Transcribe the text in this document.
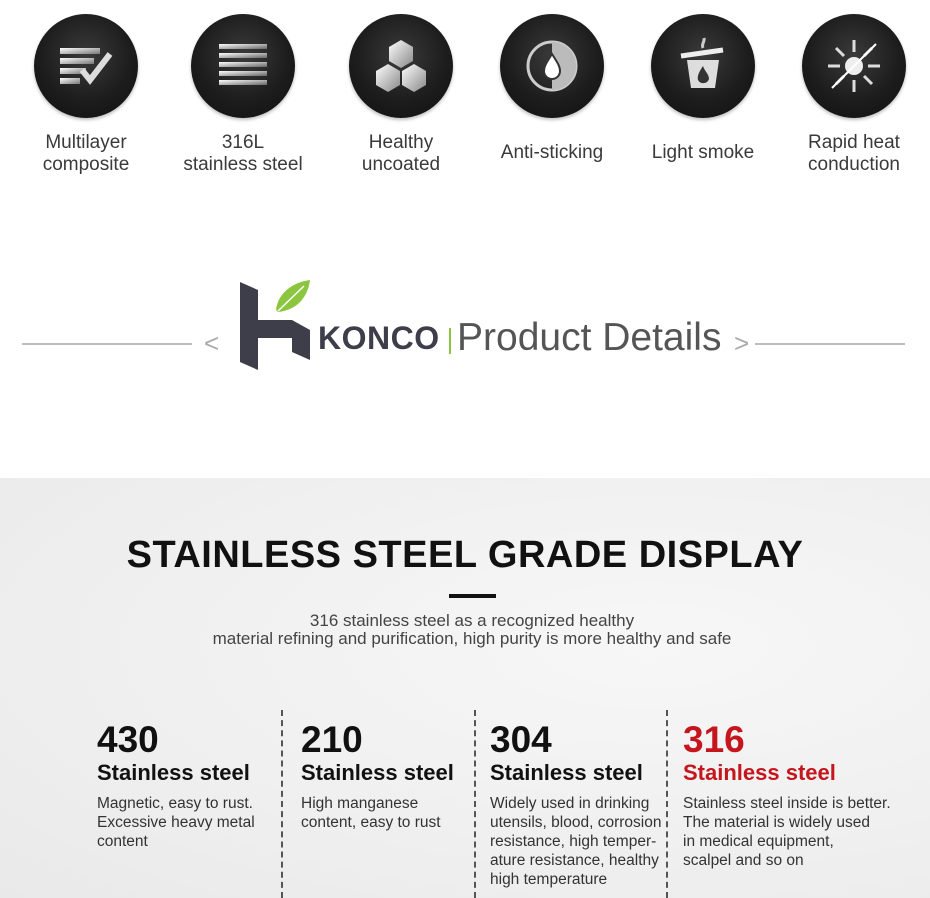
Multilayer
composite
316L
stainless steel
Healthy
uncoated
Anti-sticking	Light smoke	Rapid heat
conduction
<	KONCO Product Details >
STAINLESS STEEL GRADE DISPLAY
316 stainless steel as a recognized healthy
material refining and purification, high purity is more healthy and safe
430
Stainless steel
Magnetic, easy to rust.
Excessive heavy metal
content
210
Stainless steel
High manganese
content, easy to rust
304
Stainless steel
Widely used in drinking
utensils, blood, corrosion
resistance, high temper-
ature resistance, healthy
high temperature
316
Stainless steel
Stainless steel inside is better.
The material is widely used
in medical equipment,
scalpel and so on
